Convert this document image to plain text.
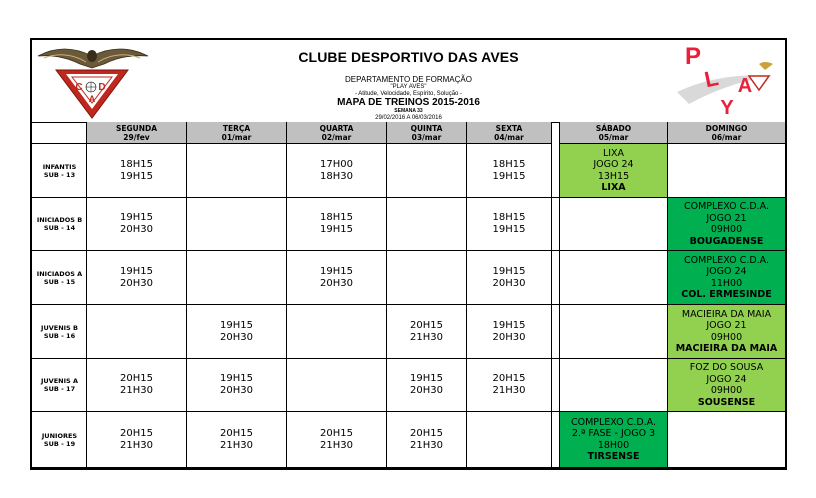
C D
A
CLUBE DESPORTIVO DAS AVES
DEPARTAMENTO DE FORMAÇÃO
"PLAY AVES"
- Atitude, Velocidade, Espírito, Solução -
MAPA DE TREINOS 2015-2016
SEMANA 33
29/02/2016 A 06/03/2016
P
L A
Y
SEGUNDA
29/fev
TERÇA
01/mar
QUARTA
02/mar
QUINTA
03/mar
SEXTA
04/mar
SÁBADO
05/mar
DOMINGO
06/mar
INFANTIS
SUB - 13
18H15
19H15
17H00
18H30
18H15
19H15
LIXA
JOGO 24
13H15
LIXA
INICIADOS B
SUB - 14
19H15
20H30
18H15
19H15
18H15
19H15
COMPLEXO C.D.A.
JOGO 21
09H00
BOUGADENSE
INICIADOS A
SUB - 15
19H15
20H30
19H15
20H30
19H15
20H30
COMPLEXO C.D.A.
JOGO 24
11H00
COL. ERMESINDE
JUVENIS B
SUB - 16
19H15
20H30
20H15
21H30
19H15
20H30
MACIEIRA DA MAIA
JOGO 21
09H00
MACIEIRA DA MAIA
JUVENIS A
SUB - 17
20H15
21H30
19H15
20H30
19H15
20H30
20H15
21H30
FOZ DO SOUSA
JOGO 24
09H00
SOUSENSE
JUNIORES
SUB - 19
20H15
21H30
20H15
21H30
20H15
21H30
20H15
21H30
COMPLEXO C.D.A.
2.ª FASE - JOGO 3
18H00
TIRSENSE
